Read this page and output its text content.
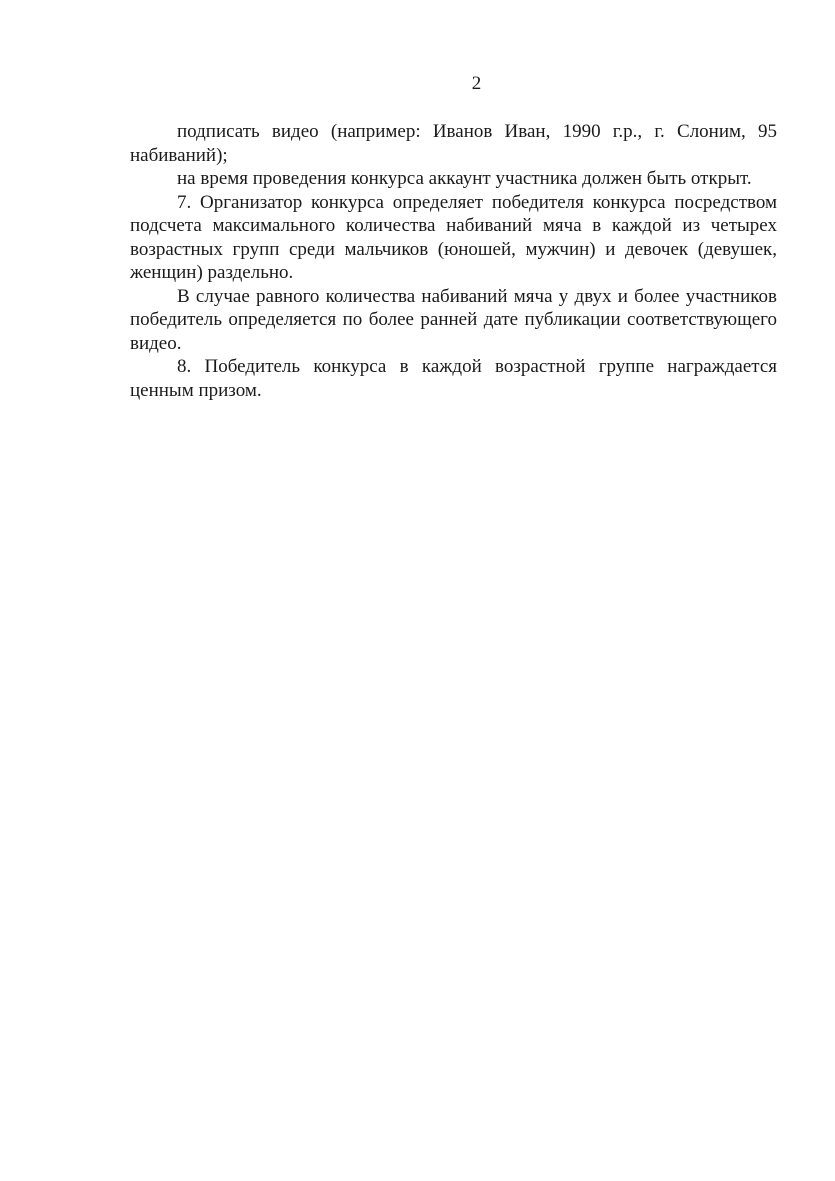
2

подписать видео (например: Иванов Иван, 1990 г.р., г. Слоним, 95 набиваний);

на время проведения конкурса аккаунт участника должен быть открыт.

7. Организатор конкурса определяет победителя конкурса посредством подсчета максимального количества набиваний мяча в каждой из четырех возрастных групп среди мальчиков (юношей, мужчин) и девочек (девушек, женщин) раздельно.

В случае равного количества набиваний мяча у двух и более участников победитель определяется по более ранней дате публикации соответствующего видео.

8. Победитель конкурса в каждой возрастной группе награждается ценным призом.
